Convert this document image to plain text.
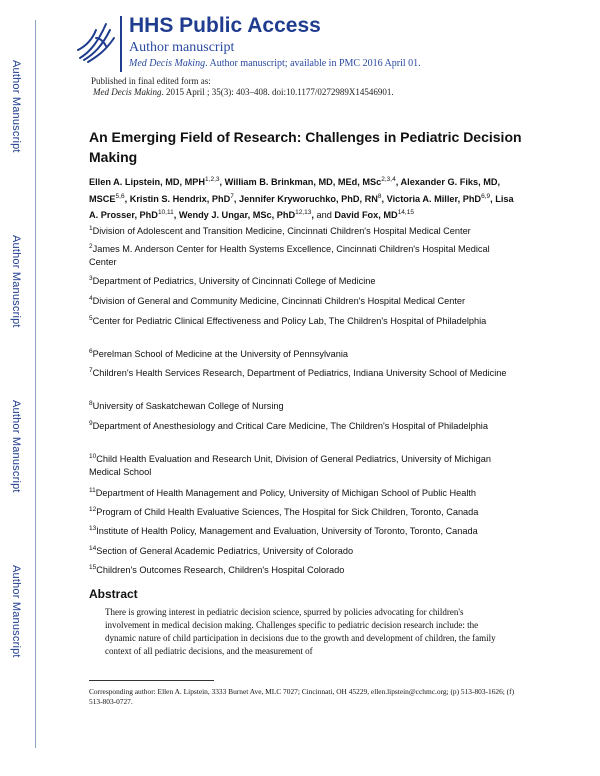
Author Manuscript
Author Manuscript
Author Manuscript
Author Manuscript
HHS Public Access
Author manuscript
Med Decis Making. Author manuscript; available in PMC 2016 April 01.
Published in final edited form as:
Med Decis Making. 2015 April ; 35(3): 403–408. doi:10.1177/0272989X14546901.
An Emerging Field of Research: Challenges in Pediatric Decision Making
Ellen A. Lipstein, MD, MPH$^{1,2,3}$, William B. Brinkman, MD, MEd, MSc$^{2,3,4}$, Alexander G. Fiks, MD, MSCE$^{5,6}$, Kristin S. Hendrix, PhD$^7$, Jennifer Kryworuchko, PhD, $RN^8$, Victoria A. Miller, PhD$^{6,9}$, Lisa A. Prosser, PhD$^{10,11}$, Wendy J. Ungar, MSc, PhD$^{12,13}$, and David Fox, MD$^{14,15}$
$^1$Division of Adolescent and Transition Medicine, Cincinnati Children's Hospital Medical Center
$^2$James M. Anderson Center for Health Systems Excellence, Cincinnati Children's Hospital Medical Center
$^3$Department of Pediatrics, University of Cincinnati College of Medicine
$^4$Division of General and Community Medicine, Cincinnati Children's Hospital Medical Center
$^5$Center for Pediatric Clinical Effectiveness and Policy Lab, The Children's Hospital of Philadelphia
$^6$Perelman School of Medicine at the University of Pennsylvania
$^7$Children's Health Services Research, Department of Pediatrics, Indiana University School of Medicine
$^8$University of Saskatchewan College of Nursing
$^9$Department of Anesthesiology and Critical Care Medicine, The Children's Hospital of Philadelphia
$^{10}$Child Health Evaluation and Research Unit, Division of General Pediatrics, University of Michigan Medical School
$^{11}$Department of Health Management and Policy, University of Michigan School of Public Health
$^{12}$Program of Child Health Evaluative Sciences, The Hospital for Sick Children, Toronto, Canada
$^{13}$Institute of Health Policy, Management and Evaluation, University of Toronto, Toronto, Canada
$^{14}$Section of General Academic Pediatrics, University of Colorado
$^{15}$Children's Outcomes Research, Children's Hospital Colorado
Abstract
There is growing interest in pediatric decision science, spurred by policies advocating for children's involvement in medical decision making. Challenges specific to pediatric decision research include: the dynamic nature of child participation in decisions due to the growth and development of children, the family context of all pediatric decisions, and the measurement of
Corresponding author: Ellen A. Lipstein, 3333 Burnet Ave, MLC 7027; Cincinnati, OH 45229, ellen.lipstein@cchmc.org; (p) 513-803-1626; (f) 513-803-0727.
